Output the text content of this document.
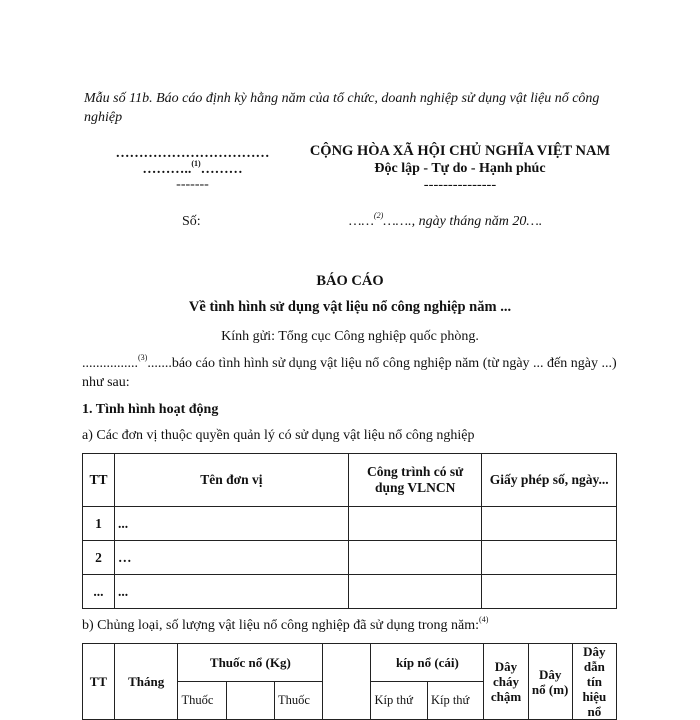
Mẫu số 11b. Báo cáo định kỳ hằng năm của tổ chức, doanh nghiệp sử dụng vật liệu nổ công nghiệp
……………………………
………..$^{(1)}$………
-------
CỘNG HÒA XÃ HỘI CHỦ NGHĨA VIỆT NAM
Độc lập - Tự do - Hạnh phúc
---------------
Số:	……$^{(2)}$……., ngày tháng năm 20….
BÁO CÁO
Về tình hình sử dụng vật liệu nổ công nghiệp năm ...
Kính gửi: Tổng cục Công nghiệp quốc phòng.
................$^{(3)}$.......báo cáo tình hình sử dụng vật liệu nổ công nghiệp năm (từ ngày ... đến ngày ...) như sau:
1. Tình hình hoạt động
a) Các đơn vị thuộc quyền quản lý có sử dụng vật liệu nổ công nghiệp
TT	Tên đơn vị	Công trình có sử dụng VLNCN	Giấy phép số, ngày...
1	...		
2	…		
...	...		
b) Chủng loại, số lượng vật liệu nổ công nghiệp đã sử dụng trong năm:$^{(4)}$
TT	Tháng	Thuốc nổ (Kg)				kíp nổ (cái)		Dây cháy chậm	Dây nổ (m)	Dây dẫn tín hiệu nổ
		Thuốc		Thuốc		Kíp thứ	Kíp thứ			
